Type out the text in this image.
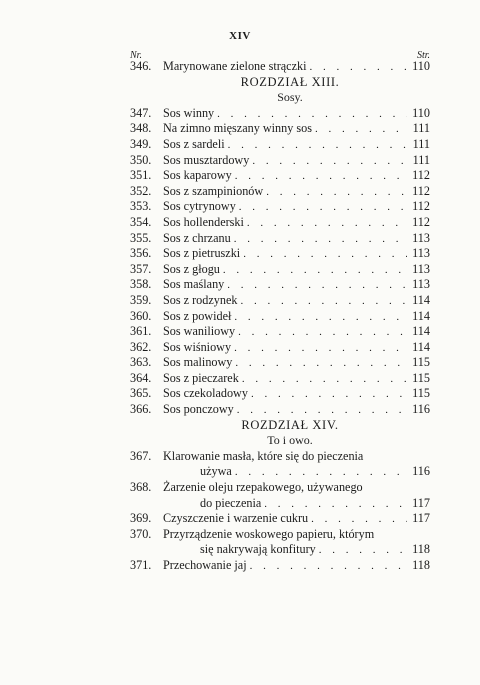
XIV
Nr.	Str.
346. Marynowane zielone strączki . . .	110
ROZDZIAŁ XIII.
Sosy.
347. Sos winny . . .	110
348. Na zimno mięszany winny sos . . .	111
349. Sos z sardeli . . .	111
350. Sos musztardowy . . .	111
351. Sos kaparowy . . .	112
352. Sos z szampinionów . . .	112
353. Sos cytrynowy . . .	112
354. Sos hollenderski . . .	112
355. Sos z chrzanu . . .	113
356. Sos z pietruszki . . .	113
357. Sos z głogu . . .	113
358. Sos maślany . . .	113
359. Sos z rodzynek . . .	114
360. Sos z powideł . . .	114
361. Sos waniliowy . . .	114
362. Sos wiśniowy . . .	114
363. Sos malinowy . . .	115
364. Sos z pieczarek . . .	115
365. Sos czekoladowy . . .	115
366. Sos ponczowy . . .	116
ROZDZIAŁ XIV.
To i owo.
367. Klarowanie masła, które się do pieczenia
używa . . .	116
368. Żarzenie oleju rzepakowego, używanego
do pieczenia . . .	117
369. Czyszczenie i warzenie cukru . . .	117
370. Przyrządzenie woskowego papieru, którym
się nakrywają konfitury . . .	118
371. Przechowanie jaj . . .	118
